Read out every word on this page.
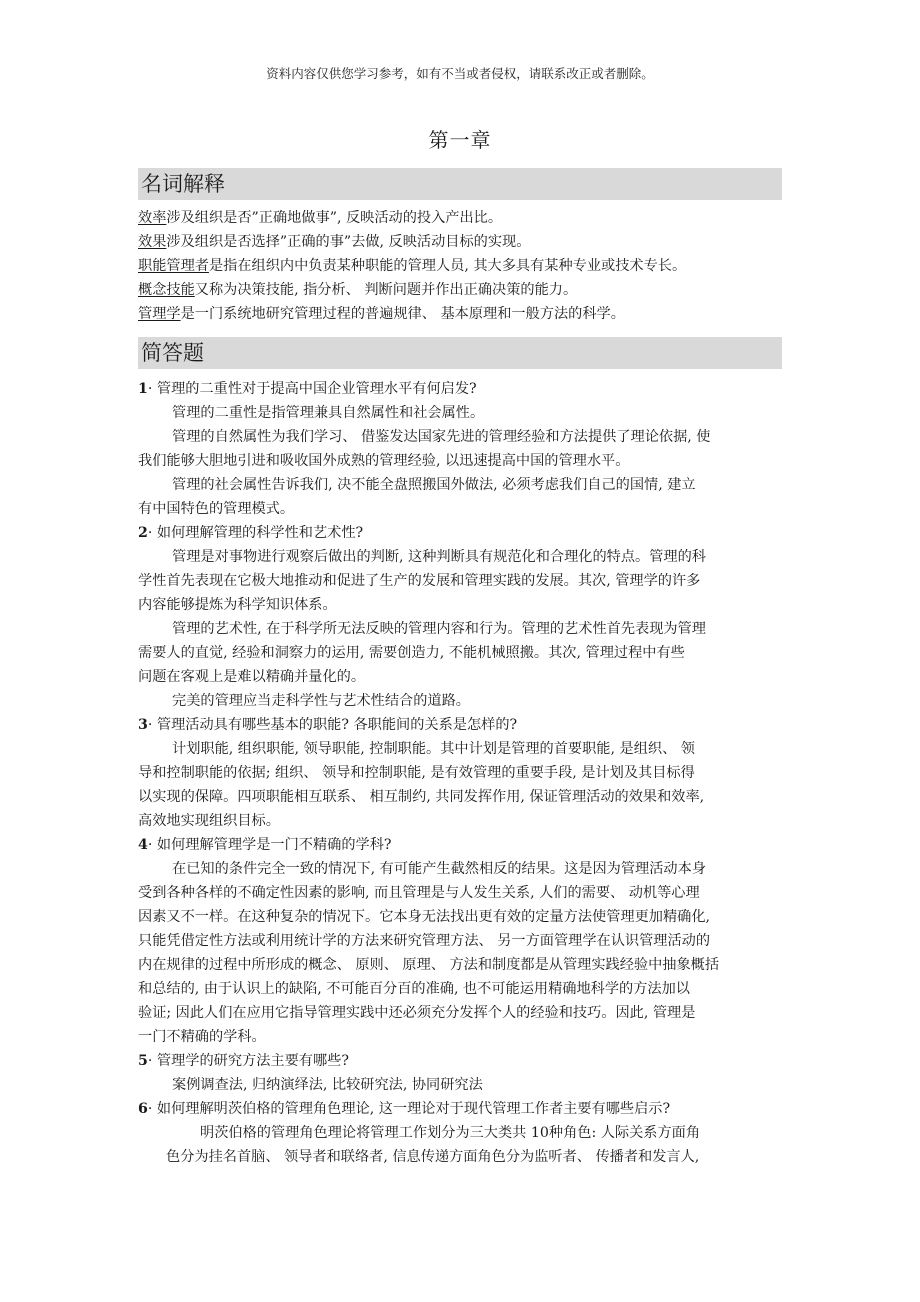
资料内容仅供您学习参考，如有不当或者侵权，请联系改正或者删除。
第一章
名词解释
效率涉及组织是否”正确地做事”, 反映活动的投入产出比。
效果涉及组织是否选择”正确的事”去做, 反映活动目标的实现。
职能管理者是指在组织内中负责某种职能的管理人员, 其大多具有某种专业或技术专长。
概念技能又称为决策技能, 指分析、 判断问题并作出正确决策的能力。
管理学是一门系统地研究管理过程的普遍规律、 基本原理和一般方法的科学。
简答题
1· 管理的二重性对于提高中国企业管理水平有何启发?
管理的二重性是指管理兼具自然属性和社会属性。
管理的自然属性为我们学习、 借鉴发达国家先进的管理经验和方法提供了理论依据, 使
我们能够大胆地引进和吸收国外成熟的管理经验, 以迅速提高中国的管理水平。
管理的社会属性告诉我们, 决不能全盘照搬国外做法, 必须考虑我们自己的国情, 建立
有中国特色的管理模式。
2· 如何理解管理的科学性和艺术性?
管理是对事物进行观察后做出的判断, 这种判断具有规范化和合理化的特点。管理的科
学性首先表现在它极大地推动和促进了生产的发展和管理实践的发展。其次, 管理学的许多
内容能够提炼为科学知识体系。
管理的艺术性, 在于科学所无法反映的管理内容和行为。管理的艺术性首先表现为管理
需要人的直觉, 经验和洞察力的运用, 需要创造力, 不能机械照搬。其次, 管理过程中有些
问题在客观上是难以精确并量化的。
完美的管理应当走科学性与艺术性结合的道路。
3· 管理活动具有哪些基本的职能? 各职能间的关系是怎样的?
计划职能, 组织职能, 领导职能, 控制职能。其中计划是管理的首要职能, 是组织、 领
导和控制职能的依据; 组织、 领导和控制职能, 是有效管理的重要手段, 是计划及其目标得
以实现的保障。四项职能相互联系、 相互制约, 共同发挥作用, 保证管理活动的效果和效率,
高效地实现组织目标。
4· 如何理解管理学是一门不精确的学科?
在已知的条件完全一致的情况下, 有可能产生截然相反的结果。这是因为管理活动本身
受到各种各样的不确定性因素的影响, 而且管理是与人发生关系, 人们的需要、 动机等心理
因素又不一样。在这种复杂的情况下。它本身无法找出更有效的定量方法使管理更加精确化,
只能凭借定性方法或利用统计学的方法来研究管理方法、 另一方面管理学在认识管理活动的
内在规律的过程中所形成的概念、 原则、 原理、 方法和制度都是从管理实践经验中抽象概括
和总结的, 由于认识上的缺陷, 不可能百分百的准确, 也不可能运用精确地科学的方法加以
验证; 因此人们在应用它指导管理实践中还必须充分发挥个人的经验和技巧。因此, 管理是
一门不精确的学科。
5· 管理学的研究方法主要有哪些?
案例调查法, 归纳演绎法, 比较研究法, 协同研究法
6· 如何理解明茨伯格的管理角色理论, 这一理论对于现代管理工作者主要有哪些启示?
明茨伯格的管理角色理论将管理工作划分为三大类共 10种角色: 人际关系方面角
色分为挂名首脑、 领导者和联络者, 信息传递方面角色分为监听者、 传播者和发言人,
